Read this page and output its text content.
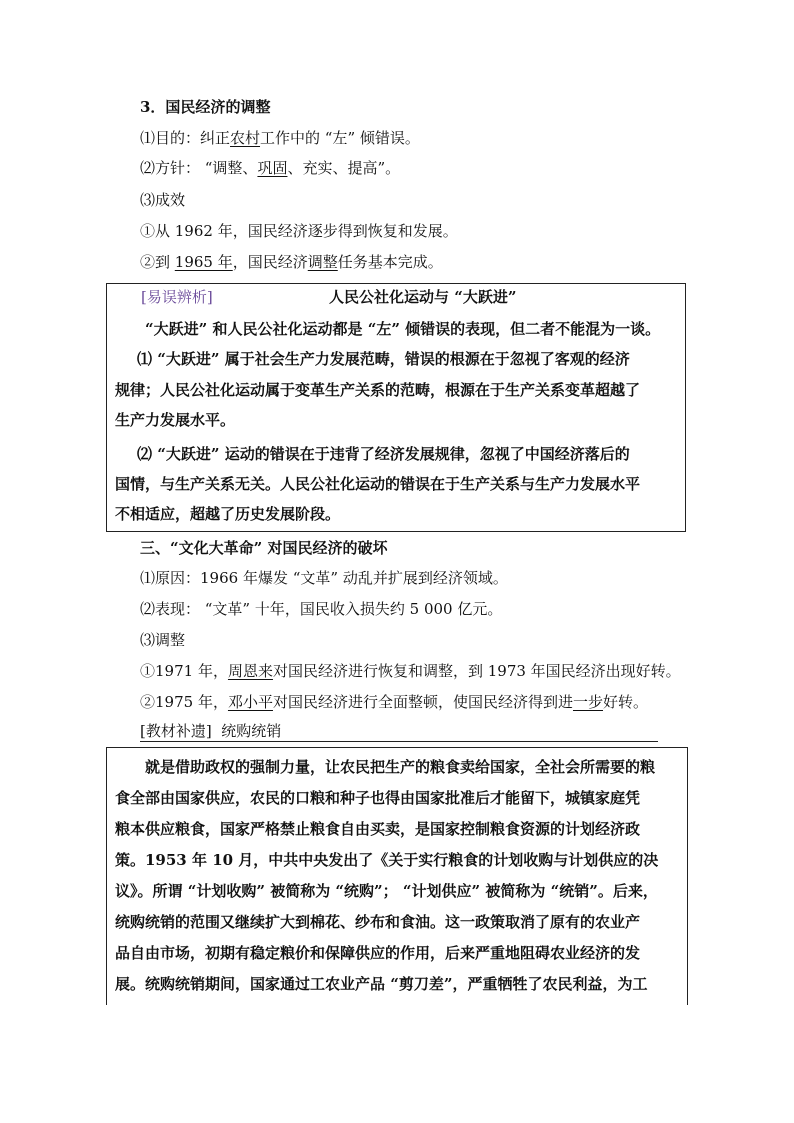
3．国民经济的调整
⑴目的：纠正农村工作中的 “左” 倾错误。
⑵方针： “调整、巩固、充实、提高”。
⑶成效
①从 1962 年，国民经济逐步得到恢复和发展。
②到 1965 年，国民经济调整任务基本完成。
[易误辨析]	人民公社化运动与 “大跃进”
“大跃进” 和人民公社化运动都是 “左” 倾错误的表现，但二者不能混为一谈。
⑴ “大跃进” 属于社会生产力发展范畴，错误的根源在于忽视了客观的经济
规律；人民公社化运动属于变革生产关系的范畴，根源在于生产关系变革超越了
生产力发展水平。
⑵ “大跃进” 运动的错误在于违背了经济发展规律，忽视了中国经济落后的
国情，与生产关系无关。人民公社化运动的错误在于生产关系与生产力发展水平
不相适应，超越了历史发展阶段。
三、“文化大革命” 对国民经济的破坏
⑴原因：1966 年爆发 “文革” 动乱并扩展到经济领域。
⑵表现： “文革” 十年，国民收入损失约 5 000 亿元。
⑶调整
①1971 年，周恩来对国民经济进行恢复和调整，到 1973 年国民经济出现好转。
②1975 年，邓小平对国民经济进行全面整顿，使国民经济得到进一步好转。
[教材补遗] 统购统销
就是借助政权的强制力量，让农民把生产的粮食卖给国家，全社会所需要的粮
食全部由国家供应，农民的口粮和种子也得由国家批准后才能留下，城镇家庭凭
粮本供应粮食，国家严格禁止粮食自由买卖，是国家控制粮食资源的计划经济政
策。1953 年 10 月，中共中央发出了《关于实行粮食的计划收购与计划供应的决
议》。所谓 “计划收购” 被简称为 “统购”； “计划供应” 被简称为 “统销”。后来，
统购统销的范围又继续扩大到棉花、纱布和食油。这一政策取消了原有的农业产
品自由市场，初期有稳定粮价和保障供应的作用，后来严重地阻碍农业经济的发
展。统购统销期间，国家通过工农业产品 “剪刀差”，严重牺牲了农民利益，为工
